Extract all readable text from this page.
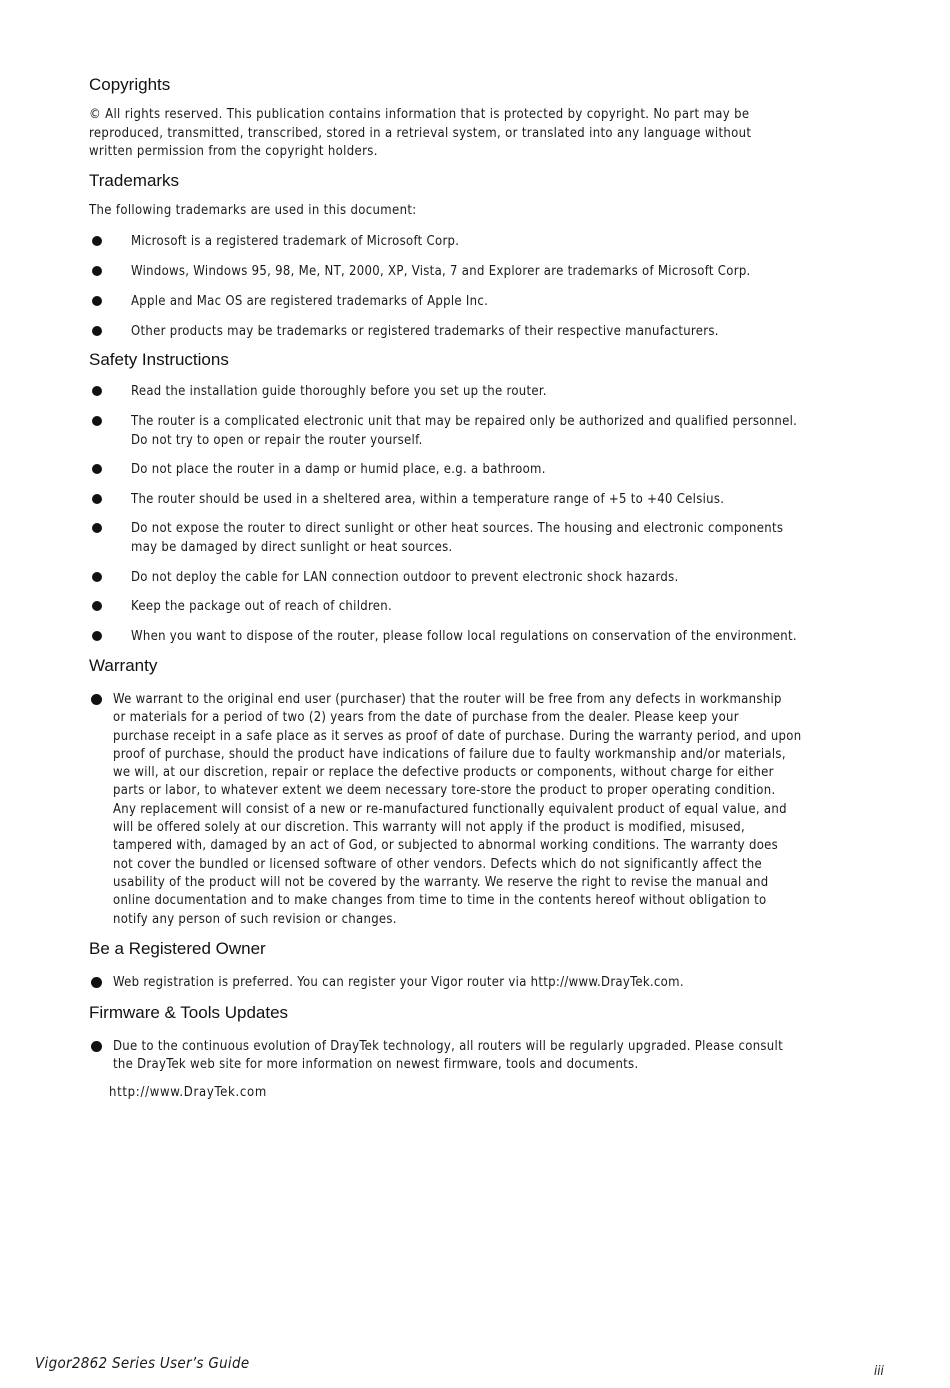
Copyrights
© All rights reserved. This publication contains information that is protected by copyright. No part may be
reproduced, transmitted, transcribed, stored in a retrieval system, or translated into any language without
written permission from the copyright holders.
Trademarks
The following trademarks are used in this document:
Microsoft is a registered trademark of Microsoft Corp.
Windows, Windows 95, 98, Me, NT, 2000, XP, Vista, 7 and Explorer are trademarks of Microsoft Corp.
Apple and Mac OS are registered trademarks of Apple Inc.
Other products may be trademarks or registered trademarks of their respective manufacturers.
Safety Instructions
Read the installation guide thoroughly before you set up the router.
The router is a complicated electronic unit that may be repaired only be authorized and qualified personnel.
Do not try to open or repair the router yourself.
Do not place the router in a damp or humid place, e.g. a bathroom.
The router should be used in a sheltered area, within a temperature range of +5 to +40 Celsius.
Do not expose the router to direct sunlight or other heat sources. The housing and electronic components
may be damaged by direct sunlight or heat sources.
Do not deploy the cable for LAN connection outdoor to prevent electronic shock hazards.
Keep the package out of reach of children.
When you want to dispose of the router, please follow local regulations on conservation of the environment.
Warranty
We warrant to the original end user (purchaser) that the router will be free from any defects in workmanship
or materials for a period of two (2) years from the date of purchase from the dealer. Please keep your
purchase receipt in a safe place as it serves as proof of date of purchase. During the warranty period, and upon
proof of purchase, should the product have indications of failure due to faulty workmanship and/or materials,
we will, at our discretion, repair or replace the defective products or components, without charge for either
parts or labor, to whatever extent we deem necessary tore-store the product to proper operating condition.
Any replacement will consist of a new or re-manufactured functionally equivalent product of equal value, and
will be offered solely at our discretion. This warranty will not apply if the product is modified, misused,
tampered with, damaged by an act of God, or subjected to abnormal working conditions. The warranty does
not cover the bundled or licensed software of other vendors. Defects which do not significantly affect the
usability of the product will not be covered by the warranty. We reserve the right to revise the manual and
online documentation and to make changes from time to time in the contents hereof without obligation to
notify any person of such revision or changes.
Be a Registered Owner
Web registration is preferred. You can register your Vigor router via http://www.DrayTek.com.
Firmware & Tools Updates
Due to the continuous evolution of DrayTek technology, all routers will be regularly upgraded. Please consult
the DrayTek web site for more information on newest firmware, tools and documents.
http://www.DrayTek.com
Vigor2862 Series User’s Guide	iii
